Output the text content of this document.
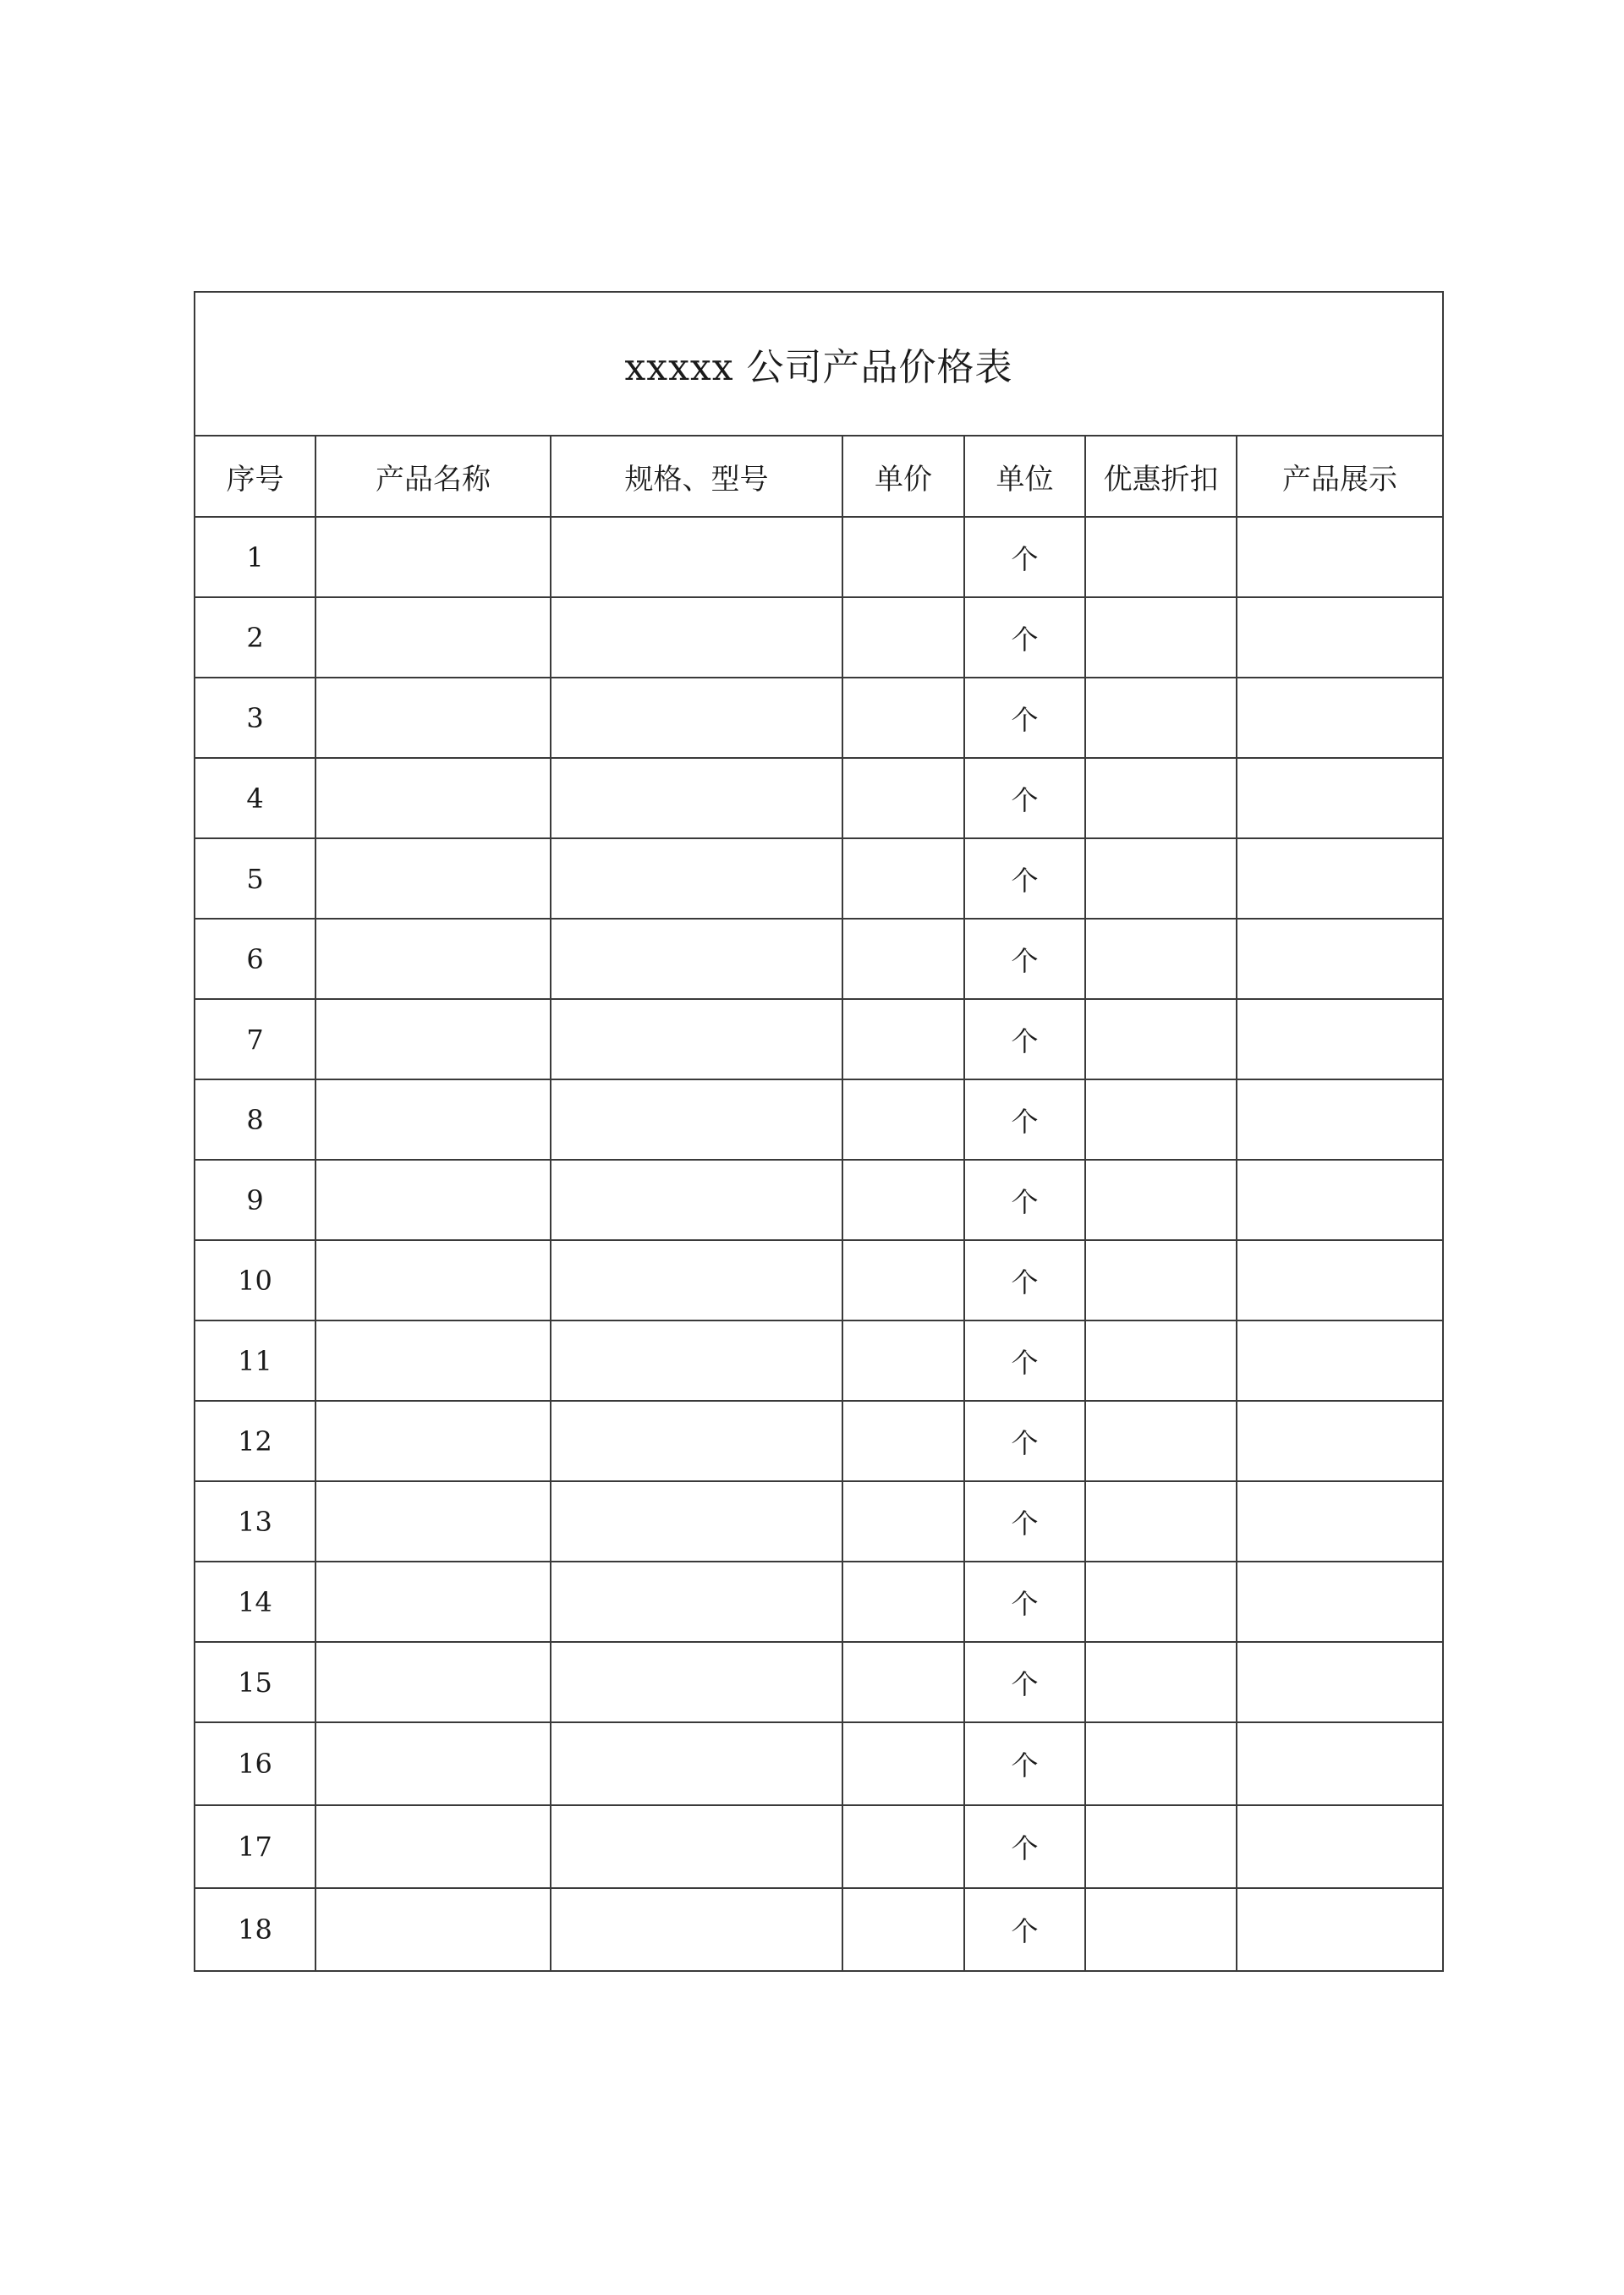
xxxxx 公司产品价格表						
序号	产品名称	规格、型号	单价	单位	优惠折扣	产品展示
1				个		
2				个		
3				个		
4				个		
5				个		
6				个		
7				个		
8				个		
9				个		
10				个		
11				个		
12				个		
13				个		
14				个		
15				个		
16				个		
17				个		
18				个		
